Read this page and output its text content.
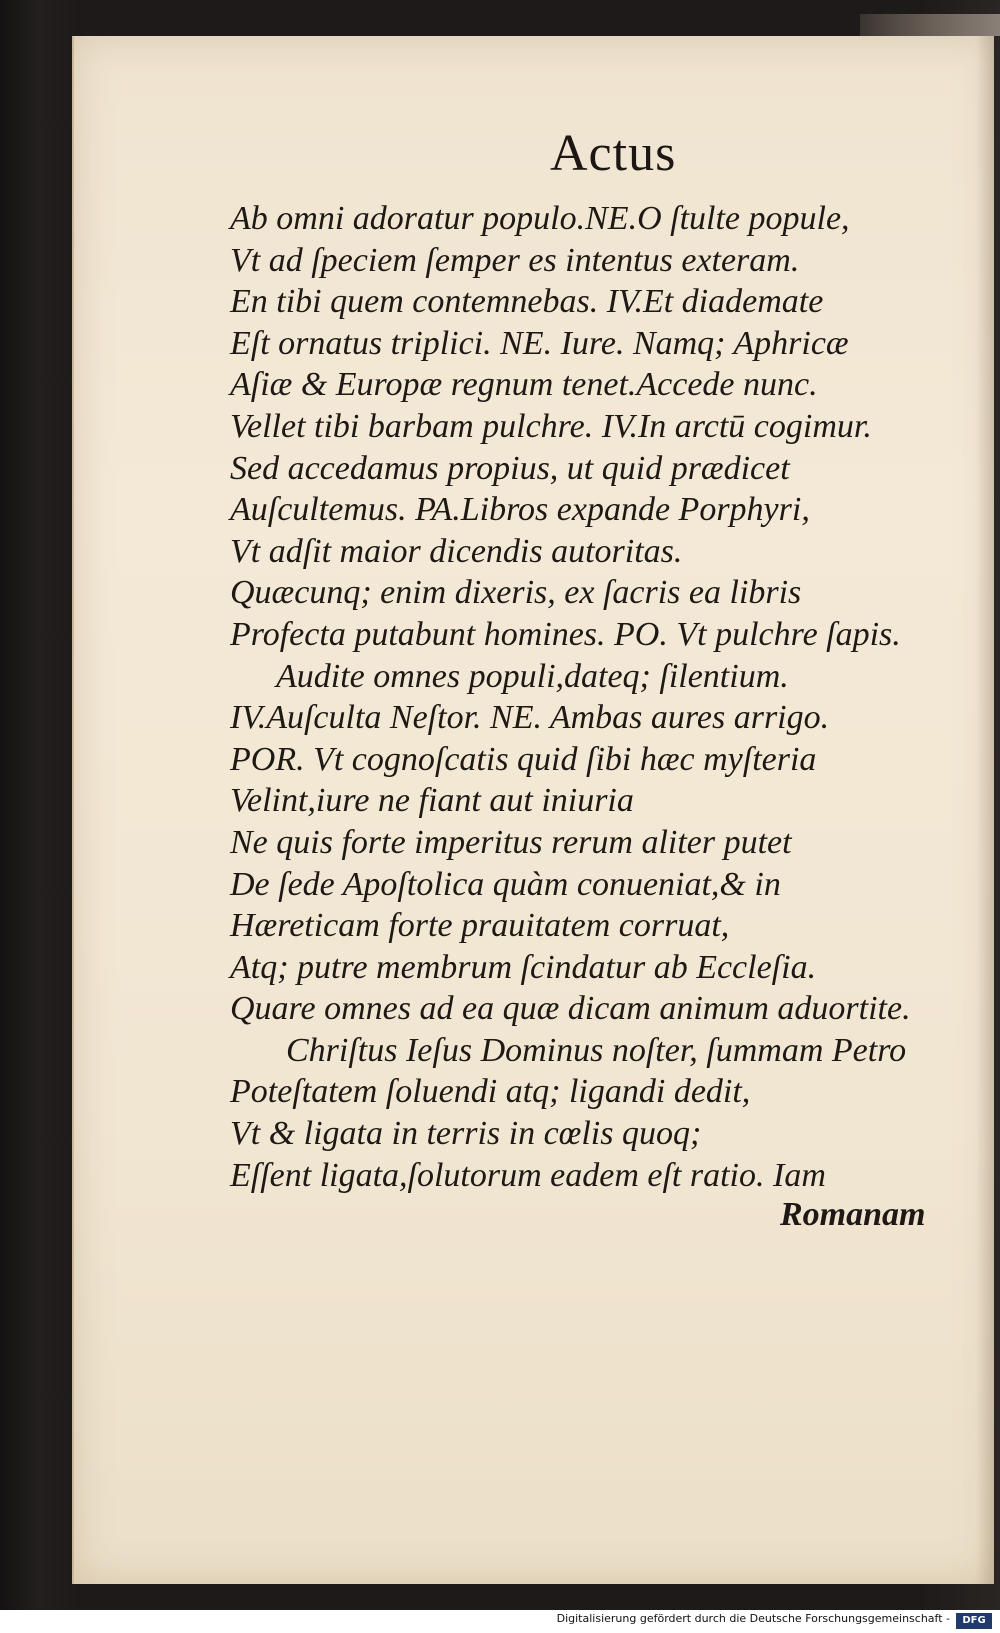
Actus
Ab omni adoratur populo.NE.O ſtulte popule,
Vt ad ſpeciem ſemper es intentus exteram.
En tibi quem contemnebas. IV.Et diademate
Eſt ornatus triplici. NE. Iure. Namq; Aphricæ
Aſiæ & Europæ regnum tenet.Accede nunc.
Vellet tibi barbam pulchre. IV.In arctū cogimur.
Sed accedamus propius, ut quid prædicet
Auſcultemus. PA.Libros expande Porphyri,
Vt adſit maior dicendis autoritas.
Quæcunq; enim dixeris, ex ſacris ea libris
Profecta putabunt homines. PO. Vt pulchre ſapis.
Audite omnes populi,dateq; ſilentium.
IV.Auſculta Neſtor. NE. Ambas aures arrigo.
POR. Vt cognoſcatis quid ſibi hæc myſteria
Velint,iure ne fiant aut iniuria
Ne quis forte imperitus rerum aliter putet
De ſede Apoſtolica quàm conueniat,& in
Hæreticam forte prauitatem corruat,
Atq; putre membrum ſcindatur ab Eccleſia.
Quare omnes ad ea quæ dicam animum aduortite.
Chriſtus Ieſus Dominus noſter, ſummam Petro
Poteſtatem ſoluendi atq; ligandi dedit,
Vt & ligata in terris in cœlis quoq;
Eſſent ligata,ſolutorum eadem eſt ratio. Iam
Romanam
Digitalisierung gefördert durch die Deutsche Forschungsgemeinschaft -	DFG
